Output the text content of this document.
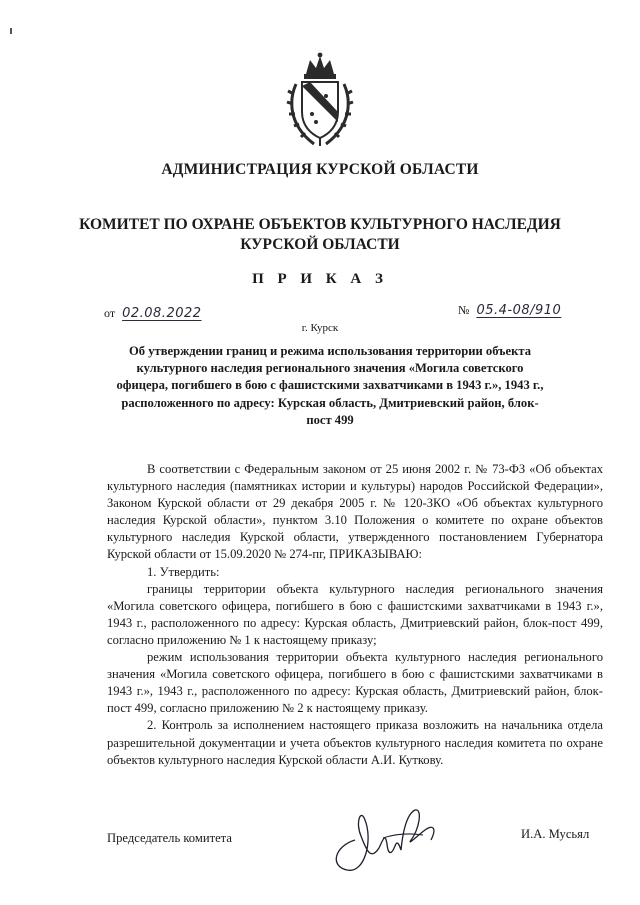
АДМИНИСТРАЦИЯ КУРСКОЙ ОБЛАСТИ
КОМИТЕТ ПО ОХРАНЕ ОБЪЕКТОВ КУЛЬТУРНОГО НАСЛЕДИЯ
КУРСКОЙ ОБЛАСТИ
П Р И К А З
от 02.08.2022	№ 05.4-08/910
г. Курск
Об утверждении границ и режима использования территории объекта культурного наследия регионального значения «Могила советского офицера, погибшего в бою с фашистскими захватчиками в 1943 г.», 1943 г., расположенного по адресу: Курская область, Дмитриевский район, блок-пост 499

В соответствии с Федеральным законом от 25 июня 2002 г. № 73-ФЗ «Об объектах культурного наследия (памятниках истории и культуры) народов Российской Федерации», Законом Курской области от 29 декабря 2005 г. № 120-ЗКО «Об объектах культурного наследия Курской области», пунктом 3.10 Положения о комитете по охране объектов культурного наследия Курской области, утвержденного постановлением Губернатора Курской области от 15.09.2020 № 274-пг, ПРИКАЗЫВАЮ:

1. Утвердить:

границы территории объекта культурного наследия регионального значения «Могила советского офицера, погибшего в бою с фашистскими захватчиками в 1943 г.», 1943 г., расположенного по адресу: Курская область, Дмитриевский район, блок-пост 499, согласно приложению № 1 к настоящему приказу;

режим использования территории объекта культурного наследия регионального значения «Могила советского офицера, погибшего в бою с фашистскими захватчиками в 1943 г.», 1943 г., расположенного по адресу: Курская область, Дмитриевский район, блок-пост 499, согласно приложению № 2 к настоящему приказу.

2. Контроль за исполнением настоящего приказа возложить на начальника отдела разрешительной документации и учета объектов культурного наследия комитета по охране объектов культурного наследия Курской области А.И. Куткову.

Председатель комитета	И.А. Мусьял
